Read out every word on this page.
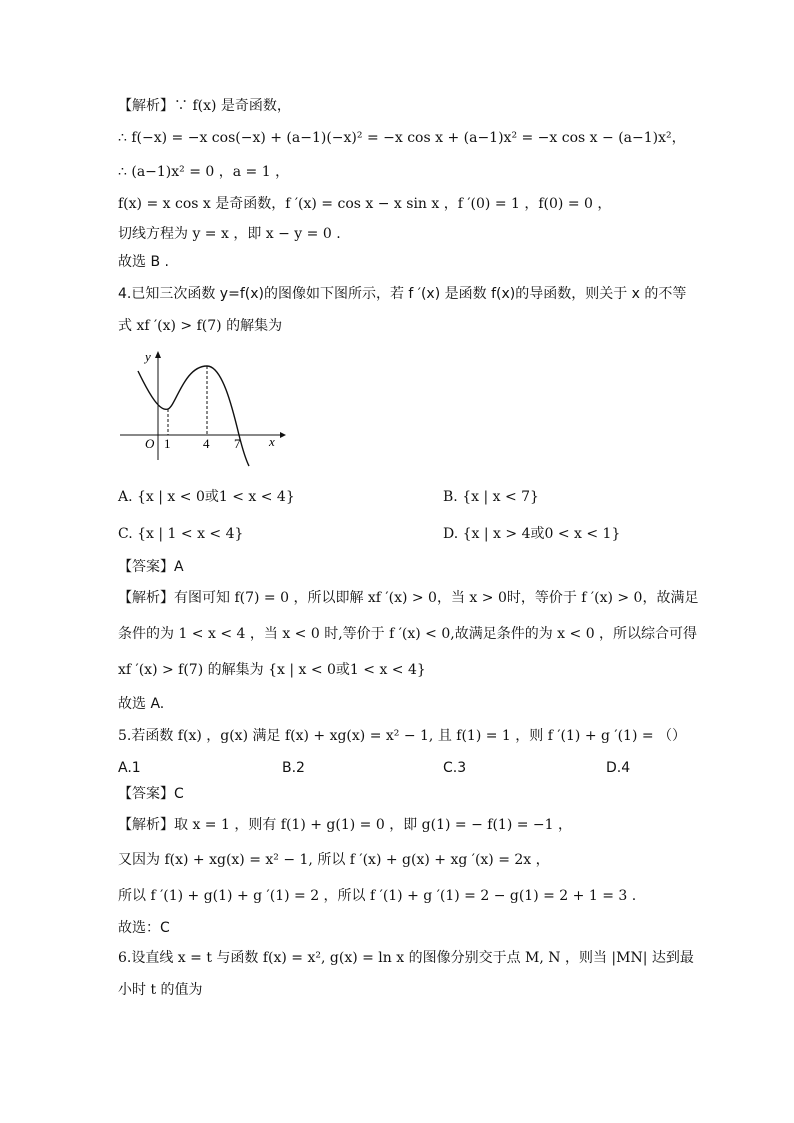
【解析】∵ f(x) 是奇函数，
∴ f(−x) = −x cos(−x) + (a−1)(−x)² = −x cos x + (a−1)x² = −x cos x − (a−1)x²，
∴ (a−1)x² = 0 ，a = 1 ，
f(x) = x cos x 是奇函数，f ′(x) = cos x − x sin x ，f ′(0) = 1 ，f(0) = 0 ，
切线方程为 y = x ，即 x − y = 0 .
故选 B .
4.已知三次函数 y=f(x)的图像如下图所示，若 f ′(x) 是函数 f(x)的导函数，则关于 x 的不等
式 xf ′(x) > f(7) 的解集为
y
x
O 1	4 7
A. {x | x < 0或1 < x < 4}	B. {x | x < 7}
C. {x | 1 < x < 4}	D. {x | x > 4或0 < x < 1}
【答案】A
【解析】有图可知 f(7) = 0 ，所以即解 xf ′(x) > 0，当 x > 0时，等价于 f ′(x) > 0，故满足
条件的为 1 < x < 4 ，当 x < 0 时,等价于 f ′(x) < 0,故满足条件的为 x < 0 ，所以综合可得
xf ′(x) > f(7) 的解集为 {x | x < 0或1 < x < 4}
故选 A.
5.若函数 f(x) ，g(x) 满足 f(x) + xg(x) = x² − 1, 且 f(1) = 1 ，则 f ′(1) + g ′(1) = （）
A.1	B.2	C.3	D.4
【答案】C
【解析】取 x = 1 ，则有 f(1) + g(1) = 0 ，即 g(1) = − f(1) = −1 ，
又因为 f(x) + xg(x) = x² − 1, 所以 f ′(x) + g(x) + xg ′(x) = 2x ，
所以 f ′(1) + g(1) + g ′(1) = 2 ，所以 f ′(1) + g ′(1) = 2 − g(1) = 2 + 1 = 3 .
故选：C
6.设直线 x = t 与函数 f(x) = x², g(x) = ln x 的图像分别交于点 M, N ，则当 |MN| 达到最
小时 t 的值为
